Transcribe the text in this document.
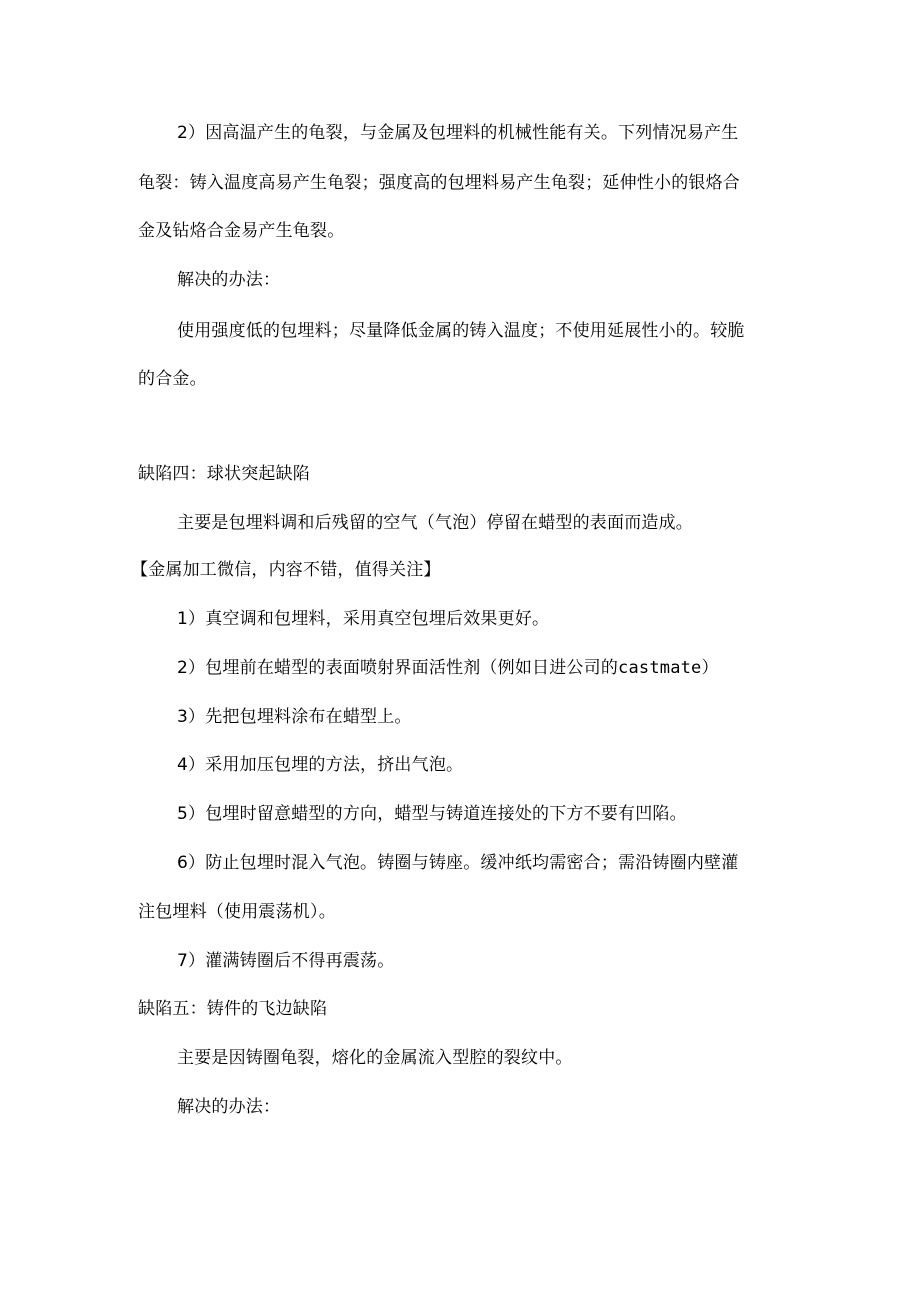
2）因高温产生的龟裂，与金属及包埋料的机械性能有关。下列情况易产生
龟裂：铸入温度高易产生龟裂；强度高的包埋料易产生龟裂；延伸性小的银烙合
金及钻烙合金易产生龟裂。
解决的办法：
使用强度低的包埋料；尽量降低金属的铸入温度；不使用延展性小的。较脆
的合金。
缺陷四：球状突起缺陷
主要是包埋料调和后残留的空气（气泡）停留在蜡型的表面而造成。
【金属加工微信，内容不错，值得关注】
1）真空调和包埋料，采用真空包埋后效果更好。
2）包埋前在蜡型的表面喷射界面活性剂（例如日进公司的castmate）
3）先把包埋料涂布在蜡型上。
4）采用加压包埋的方法，挤出气泡。
5）包埋时留意蜡型的方向，蜡型与铸道连接处的下方不要有凹陷。
6）防止包埋时混入气泡。铸圈与铸座。缓冲纸均需密合；需沿铸圈内壁灌
注包埋料（使用震荡机）。
7）灌满铸圈后不得再震荡。
缺陷五：铸件的飞边缺陷
主要是因铸圈龟裂，熔化的金属流入型腔的裂纹中。
解决的办法：
